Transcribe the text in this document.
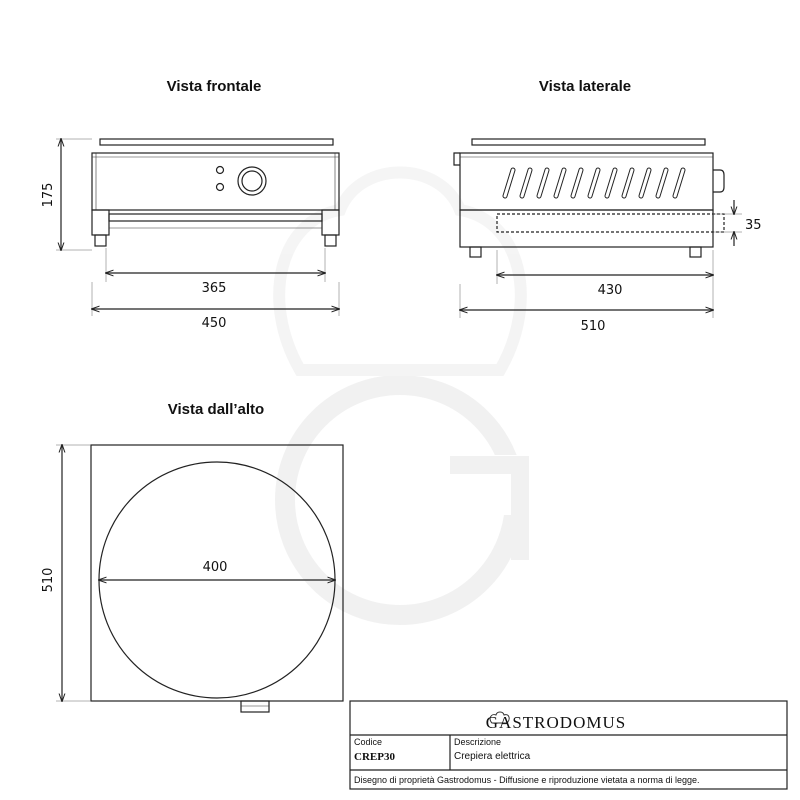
Vista frontale
175
365
450
Vista laterale
35
430
510
Vista dall’alto
400
510
GASTRODOMUS
Codice
CREP30
Descrizione
Crepiera elettrica
Disegno di proprietà Gastrodomus - Diffusione e riproduzione vietata a norma di legge.
